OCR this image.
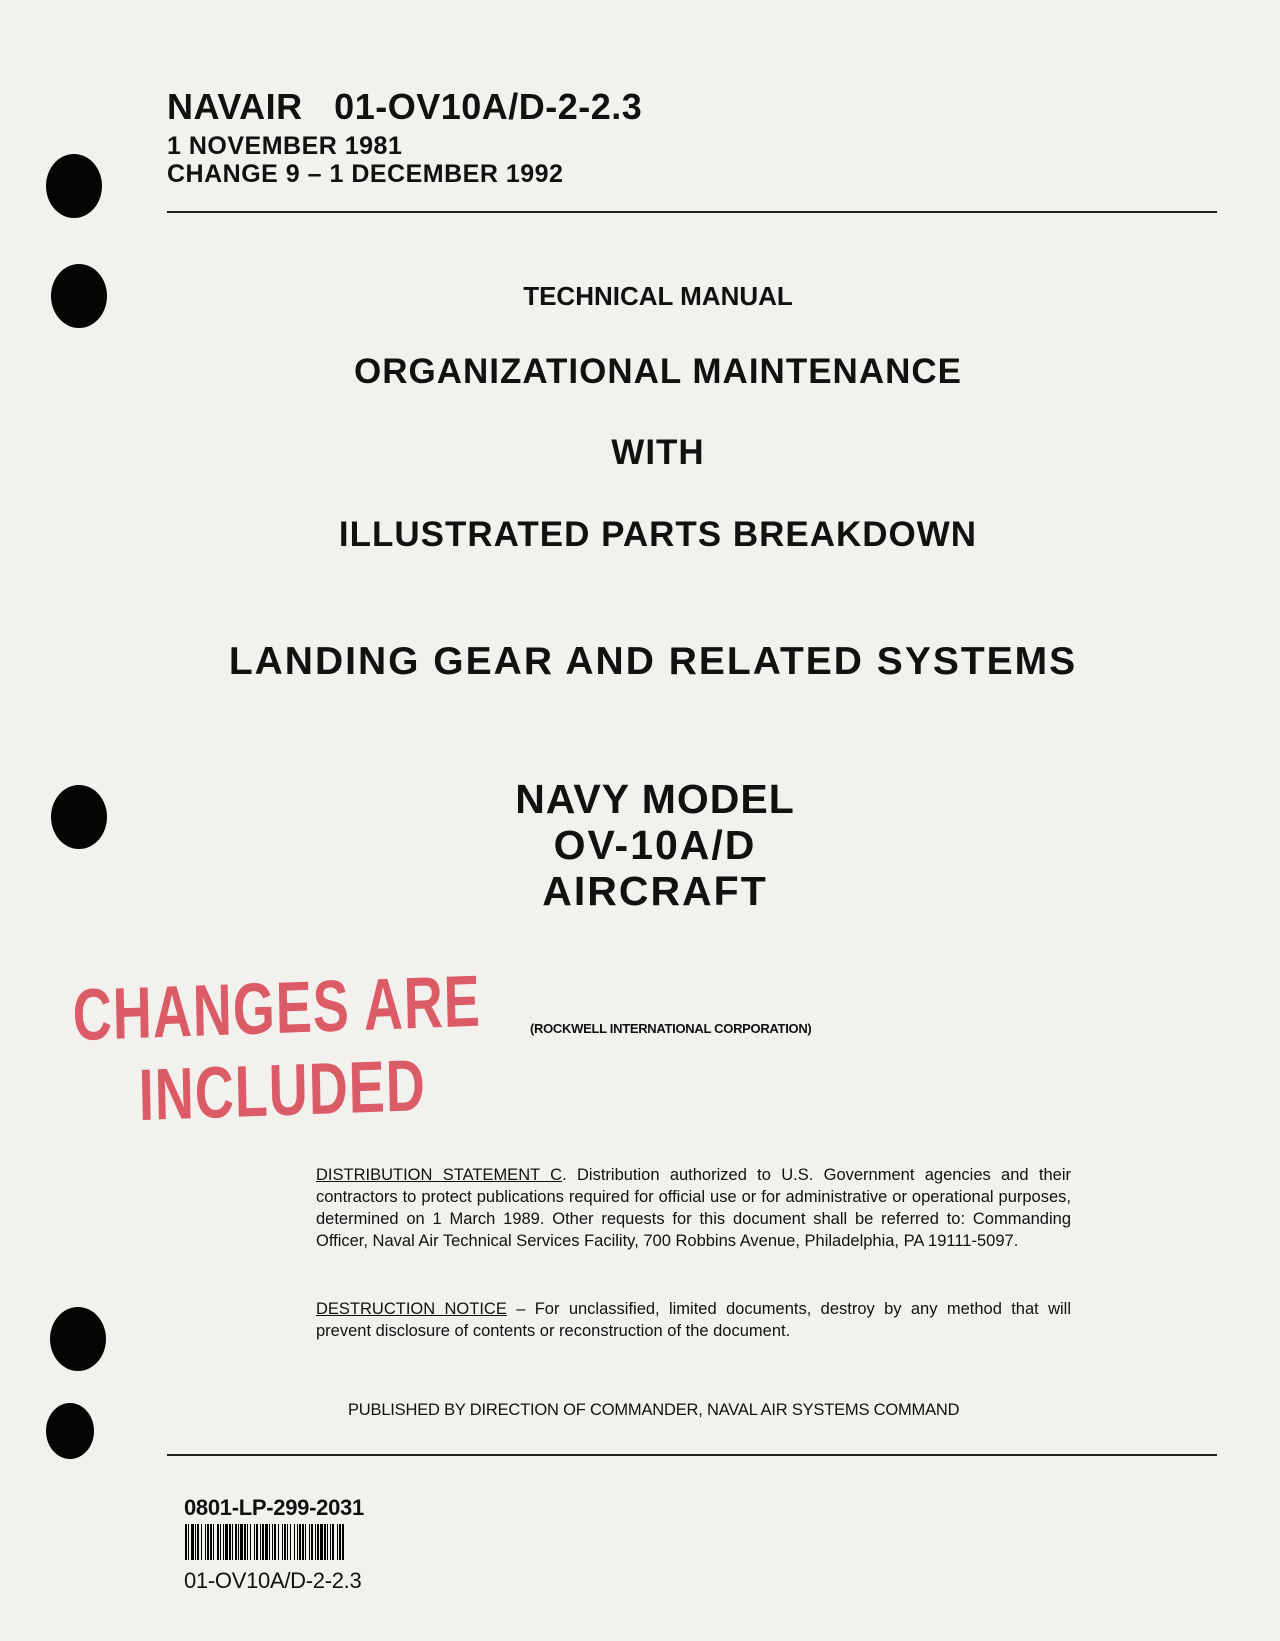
NAVAIR   01-OV10A/D-2-2.3
1 NOVEMBER 1981
CHANGE 9 – 1 DECEMBER 1992
TECHNICAL MANUAL
ORGANIZATIONAL MAINTENANCE
WITH
ILLUSTRATED PARTS BREAKDOWN
LANDING GEAR AND RELATED SYSTEMS
NAVY MODEL
OV-10A/D
AIRCRAFT
CHANGES ARE
INCLUDED
(ROCKWELL INTERNATIONAL CORPORATION)
DISTRIBUTION STATEMENT C. Distribution authorized to U.S. Government agencies and their contractors to protect publications required for official use or for administrative or operational purposes, determined on 1 March 1989. Other requests for this document shall be referred to: Commanding Officer, Naval Air Technical Services Facility, 700 Robbins Avenue, Philadelphia, PA 19111-5097.
DESTRUCTION NOTICE – For unclassified, limited documents, destroy by any method that will prevent disclosure of contents or reconstruction of the document.
PUBLISHED BY DIRECTION OF COMMANDER, NAVAL AIR SYSTEMS COMMAND
0801-LP-299-2031
01-OV10A/D-2-2.3
